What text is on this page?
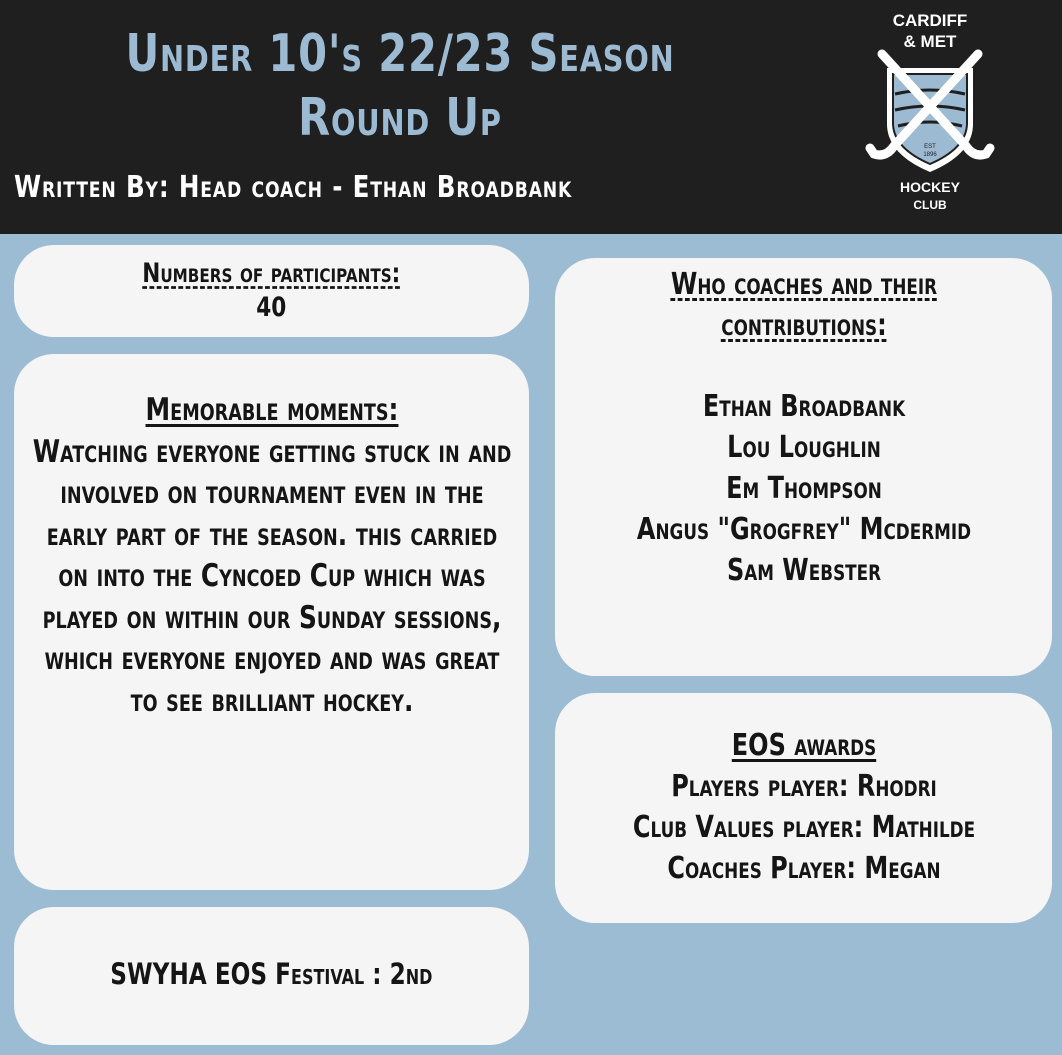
Under 10's 22/23 Season
Round Up
Written By: Head coach - Ethan Broadbank
CARDIFF
& MET
EST
1896
HOCKEY
CLUB
Numbers of participants:
40
Memorable moments:
Watching everyone getting stuck in and involved on tournament even in the early part of the season. this carried on into the Cyncoed Cup which was played on within our Sunday sessions, which everyone enjoyed and was great to see brilliant hockey.
SWYHA EOS Festival : 2nd
Who coaches and their
contributions:
Ethan Broadbank
Lou Loughlin
Em Thompson
Angus "Grogfrey" Mcdermid
Sam Webster
EOS awards
Players player: Rhodri
Club Values player: Mathilde
Coaches Player: Megan
